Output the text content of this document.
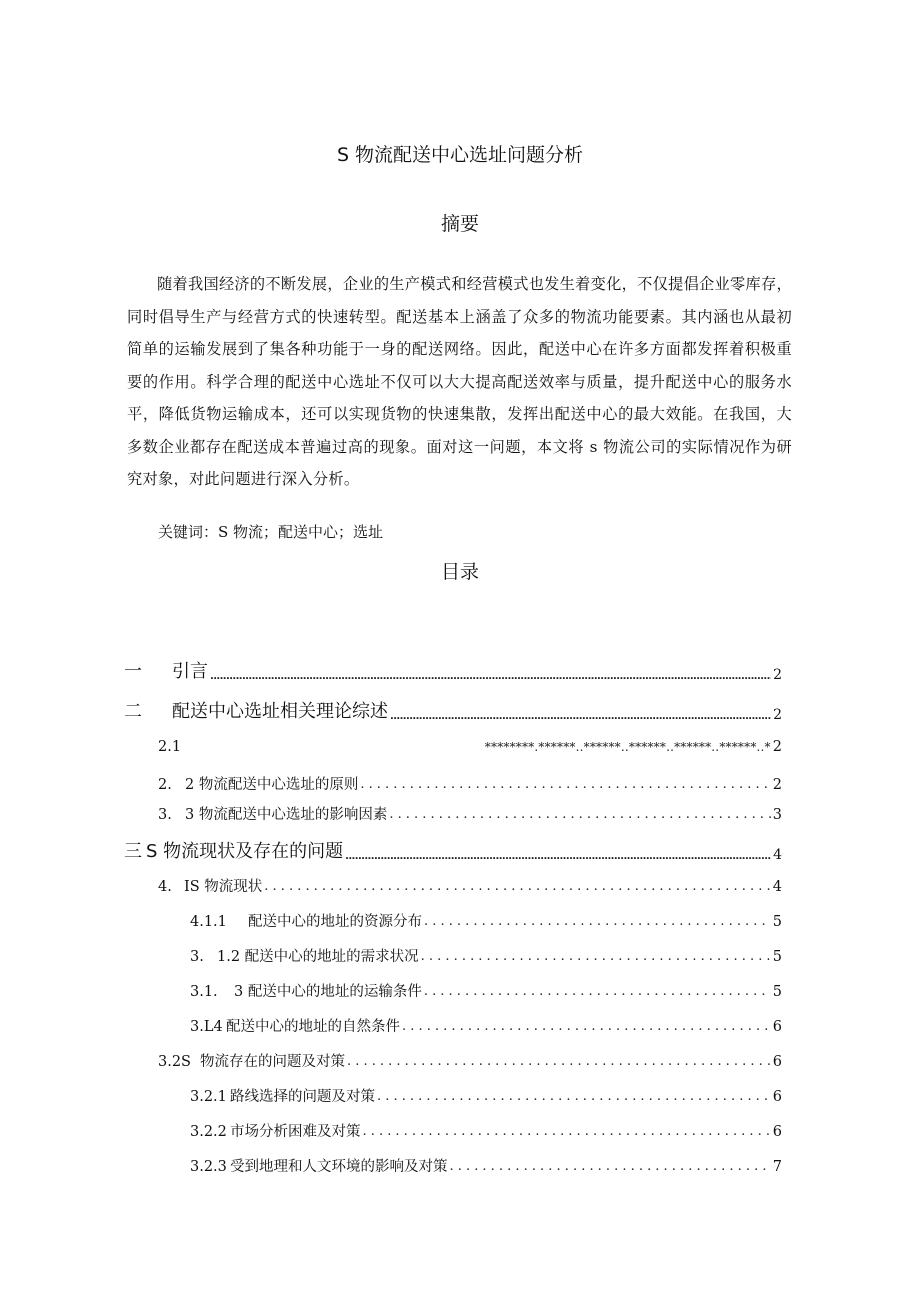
S 物流配送中心选址问题分析
摘要

随着我国经济的不断发展，企业的生产模式和经营模式也发生着变化，不仅提倡企业零库存，同时倡导生产与经营方式的快速转型。配送基本上涵盖了众多的物流功能要素。其内涵也从最初简单的运输发展到了集各种功能于一身的配送网络。因此，配送中心在许多方面都发挥着积极重要的作用。科学合理的配送中心选址不仅可以大大提高配送效率与质量，提升配送中心的服务水平，降低货物运输成本，还可以实现货物的快速集散，发挥出配送中心的最大效能。在我国，大多数企业都存在配送成本普遍过高的现象。面对这一问题，本文将 s 物流公司的实际情况作为研究对象，对此问题进行深入分析。

关键词：S 物流；配送中心；选址

目录
一	引言 .....	2
二	配送中心选址相关理论综述 .....	2
2.1 *..**	2
2. 2 物流配送中心选址的原则 .....	2
3. 3 物流配送中心选址的影响因素 .....	3
三 S 物流现状及存在的问题 .....	4
4. IS 物流现状 .....	4
4.1.1	配送中心的地址的资源分布 .....	5
3. 1.2 配送中心的地址的需求状况 .....	5
3.1.	3 配送中心的地址的运输条件 .....	5
3.L4 配送中心的地址的自然条件 .....	6
3.2S 物流存在的问题及对策 .....	6
3.2.1 路线选择的问题及对策 .....	6
3.2.2 市场分析困难及对策 .....	6
3.2.3 受到地理和人文环境的影响及对策 .....	7
